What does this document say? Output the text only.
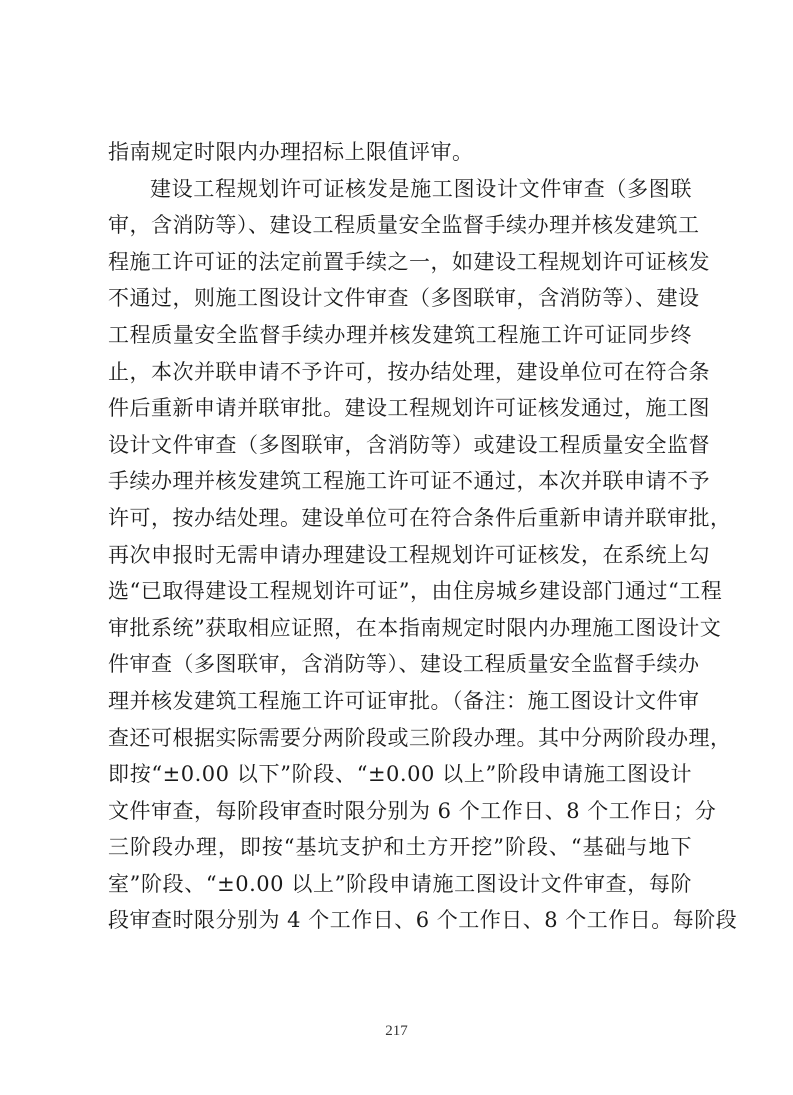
指南规定时限内办理招标上限值评审。
建设工程规划许可证核发是施工图设计文件审查（多图联
审，含消防等）、建设工程质量安全监督手续办理并核发建筑工
程施工许可证的法定前置手续之一，如建设工程规划许可证核发
不通过，则施工图设计文件审查（多图联审，含消防等）、建设
工程质量安全监督手续办理并核发建筑工程施工许可证同步终
止，本次并联申请不予许可，按办结处理，建设单位可在符合条
件后重新申请并联审批。建设工程规划许可证核发通过，施工图
设计文件审查（多图联审，含消防等）或建设工程质量安全监督
手续办理并核发建筑工程施工许可证不通过，本次并联申请不予
许可，按办结处理。建设单位可在符合条件后重新申请并联审批，
再次申报时无需申请办理建设工程规划许可证核发，在系统上勾
选“已取得建设工程规划许可证”，由住房城乡建设部门通过“工程
审批系统”获取相应证照，在本指南规定时限内办理施工图设计文
件审查（多图联审，含消防等）、建设工程质量安全监督手续办
理并核发建筑工程施工许可证审批。（备注：施工图设计文件审
查还可根据实际需要分两阶段或三阶段办理。其中分两阶段办理，
即按“±0.00 以下”阶段、“±0.00 以上”阶段申请施工图设计
文件审查，每阶段审查时限分别为 6 个工作日、8 个工作日；分
三阶段办理，即按“基坑支护和土方开挖”阶段、“基础与地下
室”阶段、“±0.00 以上”阶段申请施工图设计文件审查，每阶
段审查时限分别为 4 个工作日、6 个工作日、8 个工作日。每阶段
217
